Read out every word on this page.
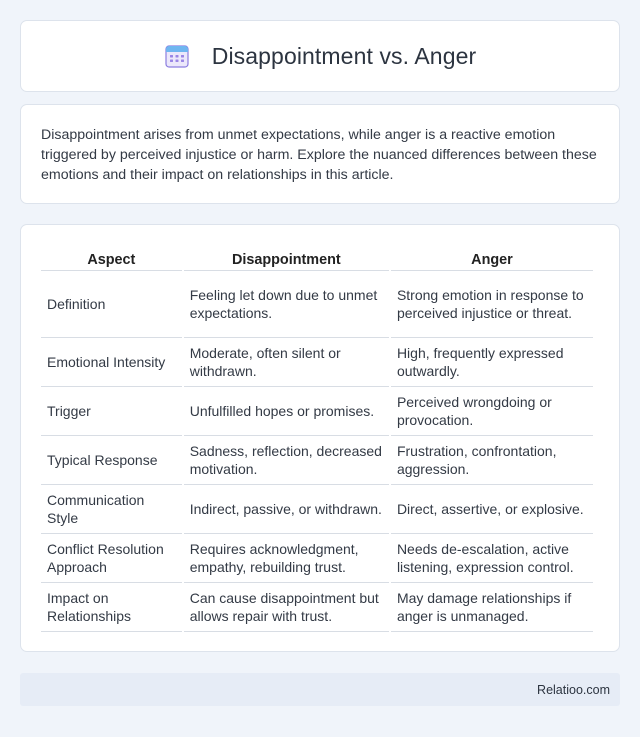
Disappointment vs. Anger

Disappointment arises from unmet expectations, while anger is a reactive emotion triggered by perceived injustice or harm. Explore the nuanced differences between these emotions and their impact on relationships in this article.

Aspect	Disappointment	Anger
Definition	Feeling let down due to unmet expectations.	Strong emotion in response to perceived injustice or threat.
Emotional Intensity	Moderate, often silent or withdrawn.	High, frequently expressed outwardly.
Trigger	Unfulfilled hopes or promises.	Perceived wrongdoing or provocation.
Typical Response	Sadness, reflection, decreased motivation.	Frustration, confrontation, aggression.
Communication Style	Indirect, passive, or withdrawn.	Direct, assertive, or explosive.
Conflict Resolution Approach	Requires acknowledgment, empathy, rebuilding trust.	Needs de-escalation, active listening, expression control.
Impact on Relationships	Can cause disappointment but allows repair with trust.	May damage relationships if anger is unmanaged.
Relatioo.com
